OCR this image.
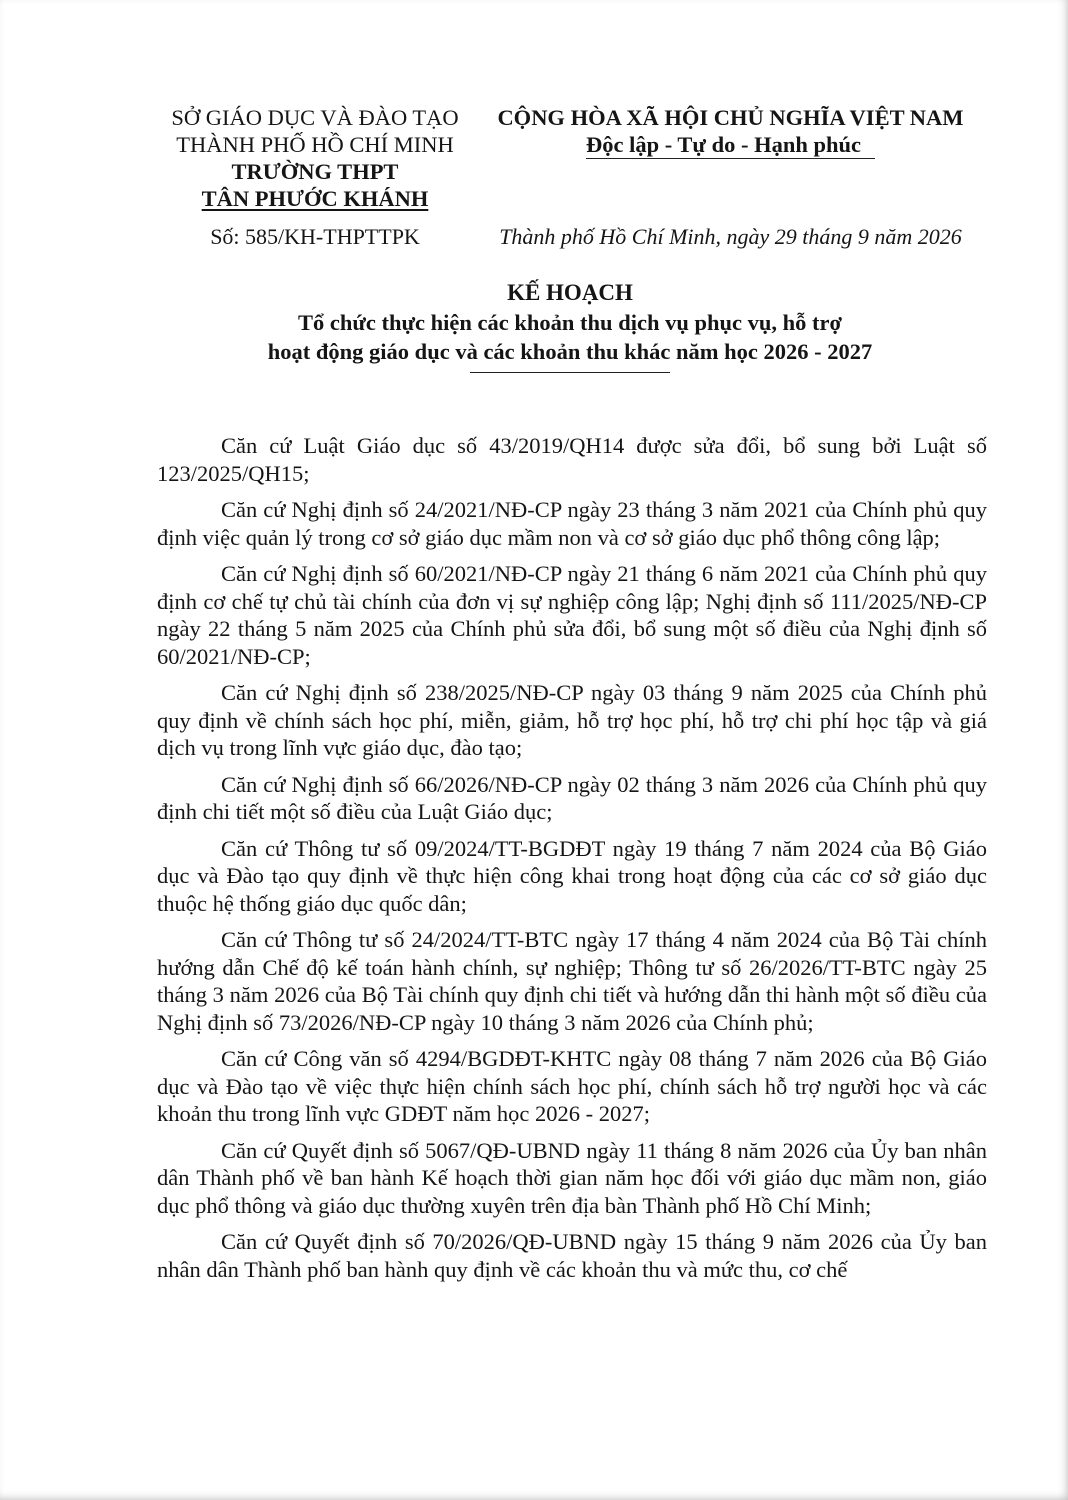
SỞ GIÁO DỤC VÀ ĐÀO TẠO
THÀNH PHỐ HỒ CHÍ MINH
TRƯỜNG THPT
TÂN PHƯỚC KHÁNH
CỘNG HÒA XÃ HỘI CHỦ NGHĨA VIỆT NAM
Độc lập - Tự do - Hạnh phúc
Số: 585/KH-THPTTPK	Thành phố Hồ Chí Minh, ngày 29 tháng 9 năm 2026
KẾ HOẠCH
Tổ chức thực hiện các khoản thu dịch vụ phục vụ, hỗ trợ
hoạt động giáo dục và các khoản thu khác năm học 2026 - 2027

Căn cứ Luật Giáo dục số 43/2019/QH14 được sửa đổi, bổ sung bởi Luật số 123/2025/QH15;

Căn cứ Nghị định số 24/2021/NĐ-CP ngày 23 tháng 3 năm 2021 của Chính phủ quy định việc quản lý trong cơ sở giáo dục mầm non và cơ sở giáo dục phổ thông công lập;

Căn cứ Nghị định số 60/2021/NĐ-CP ngày 21 tháng 6 năm 2021 của Chính phủ quy định cơ chế tự chủ tài chính của đơn vị sự nghiệp công lập; Nghị định số 111/2025/NĐ-CP ngày 22 tháng 5 năm 2025 của Chính phủ sửa đổi, bổ sung một số điều của Nghị định số 60/2021/NĐ-CP;

Căn cứ Nghị định số 238/2025/NĐ-CP ngày 03 tháng 9 năm 2025 của Chính phủ quy định về chính sách học phí, miễn, giảm, hỗ trợ học phí, hỗ trợ chi phí học tập và giá dịch vụ trong lĩnh vực giáo dục, đào tạo;

Căn cứ Nghị định số 66/2026/NĐ-CP ngày 02 tháng 3 năm 2026 của Chính phủ quy định chi tiết một số điều của Luật Giáo dục;

Căn cứ Thông tư số 09/2024/TT-BGDĐT ngày 19 tháng 7 năm 2024 của Bộ Giáo dục và Đào tạo quy định về thực hiện công khai trong hoạt động của các cơ sở giáo dục thuộc hệ thống giáo dục quốc dân;

Căn cứ Thông tư số 24/2024/TT-BTC ngày 17 tháng 4 năm 2024 của Bộ Tài chính hướng dẫn Chế độ kế toán hành chính, sự nghiệp; Thông tư số 26/2026/TT-BTC ngày 25 tháng 3 năm 2026 của Bộ Tài chính quy định chi tiết và hướng dẫn thi hành một số điều của Nghị định số 73/2026/NĐ-CP ngày 10 tháng 3 năm 2026 của Chính phủ;

Căn cứ Công văn số 4294/BGDĐT-KHTC ngày 08 tháng 7 năm 2026 của Bộ Giáo dục và Đào tạo về việc thực hiện chính sách học phí, chính sách hỗ trợ người học và các khoản thu trong lĩnh vực GDĐT năm học 2026 - 2027;

Căn cứ Quyết định số 5067/QĐ-UBND ngày 11 tháng 8 năm 2026 của Ủy ban nhân dân Thành phố về ban hành Kế hoạch thời gian năm học đối với giáo dục mầm non, giáo dục phổ thông và giáo dục thường xuyên trên địa bàn Thành phố Hồ Chí Minh;

Căn cứ Quyết định số 70/2026/QĐ-UBND ngày 15 tháng 9 năm 2026 của Ủy ban nhân dân Thành phố ban hành quy định về các khoản thu và mức thu, cơ chế
